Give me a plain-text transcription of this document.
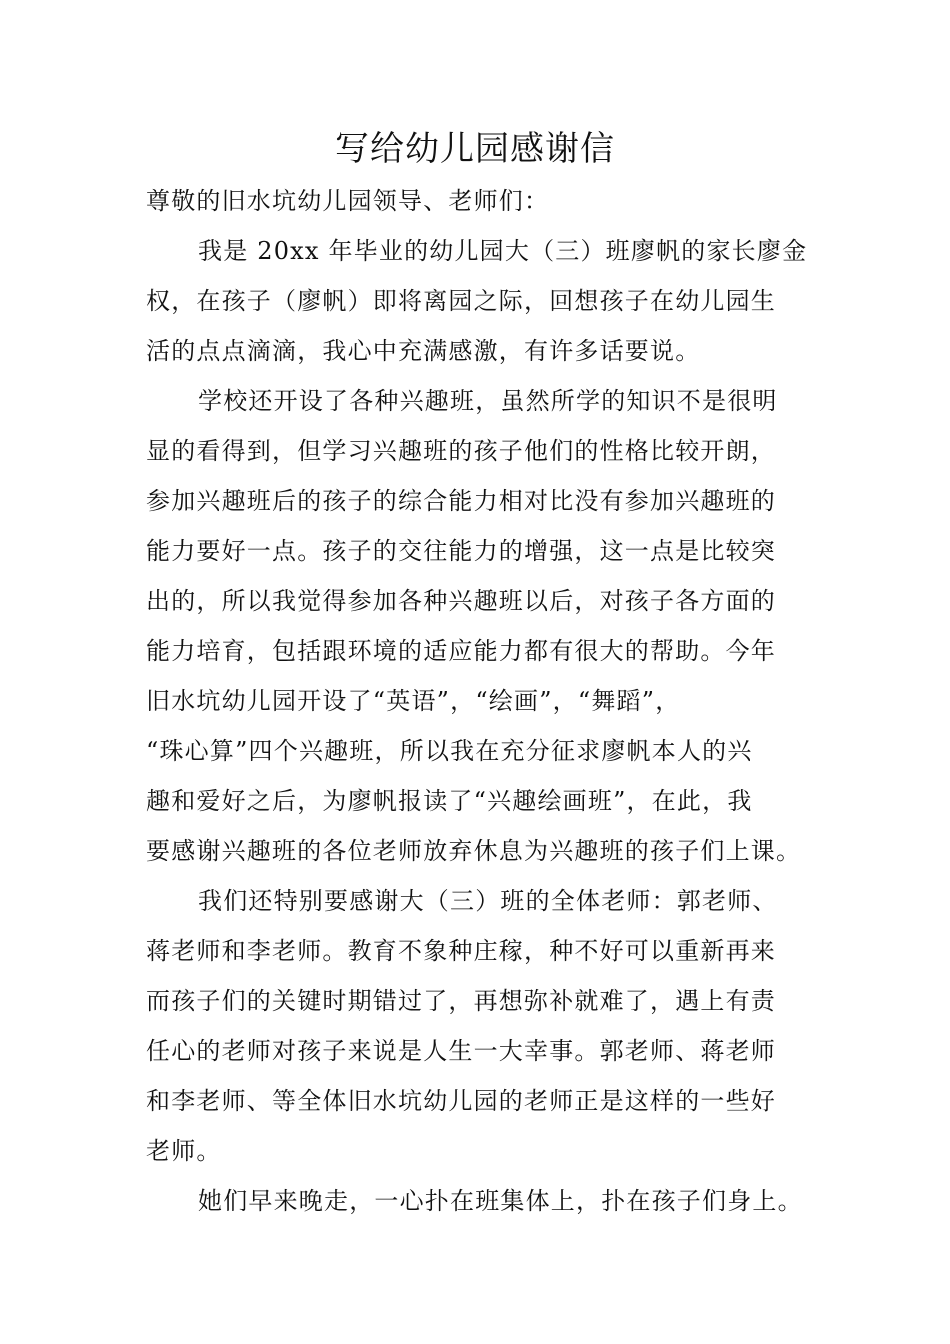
写给幼儿园感谢信
尊敬的旧水坑幼儿园领导、老师们：
我是 20xx 年毕业的幼儿园大（三）班廖帆的家长廖金
权，在孩子（廖帆）即将离园之际，回想孩子在幼儿园生
活的点点滴滴，我心中充满感激，有许多话要说。
学校还开设了各种兴趣班，虽然所学的知识不是很明
显的看得到，但学习兴趣班的孩子他们的性格比较开朗，
参加兴趣班后的孩子的综合能力相对比没有参加兴趣班的
能力要好一点。孩子的交往能力的增强，这一点是比较突
出的，所以我觉得参加各种兴趣班以后，对孩子各方面的
能力培育，包括跟环境的适应能力都有很大的帮助。今年
旧水坑幼儿园开设了“英语”，“绘画”，“舞蹈”，
“珠心算”四个兴趣班，所以我在充分征求廖帆本人的兴
趣和爱好之后，为廖帆报读了“兴趣绘画班”，在此，我
要感谢兴趣班的各位老师放弃休息为兴趣班的孩子们上课。
我们还特别要感谢大（三）班的全体老师：郭老师、
蒋老师和李老师。教育不象种庄稼，种不好可以重新再来
而孩子们的关键时期错过了，再想弥补就难了，遇上有责
任心的老师对孩子来说是人生一大幸事。郭老师、蒋老师
和李老师、等全体旧水坑幼儿园的老师正是这样的一些好
老师。
她们早来晚走，一心扑在班集体上，扑在孩子们身上。
